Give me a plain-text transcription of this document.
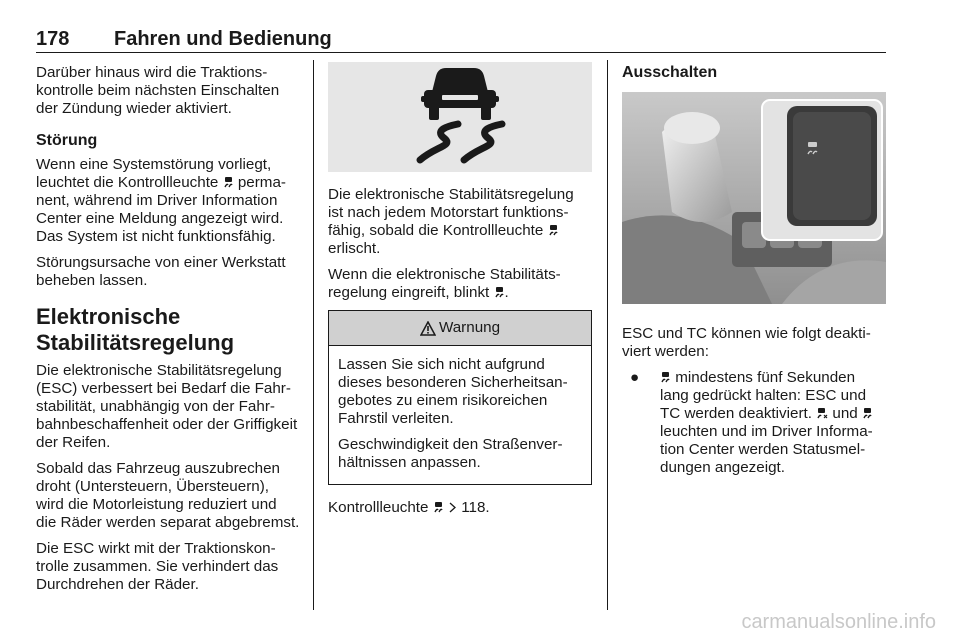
178 Fahren und Bedienung

Darüber hinaus wird die Traktionskontrolle beim nächsten Einschalten der Zündung wieder aktiviert.

Störung

Wenn eine Systemstörung vorliegt, leuchtet die Kontrollleuchte permanent, während im Driver Information Center eine Meldung angezeigt wird. Das System ist nicht funktionsfähig.

Störungsursache von einer Werkstatt beheben lassen.

Elektronische Stabilitätsregelung

Die elektronische Stabilitätsregelung (ESC) verbessert bei Bedarf die Fahrstabilität, unabhängig von der Fahrbahnbeschaffenheit oder der Griffigkeit der Reifen.

Sobald das Fahrzeug auszubrechen droht (Untersteuern, Übersteuern), wird die Motorleistung reduziert und die Räder werden separat abgebremst.

Die ESC wirkt mit der Traktionskontrolle zusammen. Sie verhindert das Durchdrehen der Räder.

Die elektronische Stabilitätsregelung ist nach jedem Motorstart funktionsfähig, sobald die Kontrollleuchte  erlischt.

Wenn die elektronische Stabilitätsregelung eingreift, blinkt .

Warnung

Lassen Sie sich nicht aufgrund dieses besonderen Sicherheitsangebotes zu einem risikoreichen Fahrstil verleiten.

Geschwindigkeit den Straßenverhältnissen anpassen.

Kontrollleuchte 118.

Ausschalten

ESC und TC können wie folgt deaktiviert werden:

●	mindestens fünf Sekunden lang gedrückt halten: ESC und TC werden deaktiviert. und  leuchten und im Driver Information Center werden Statusmeldungen angezeigt.
carmanualsonline.info
